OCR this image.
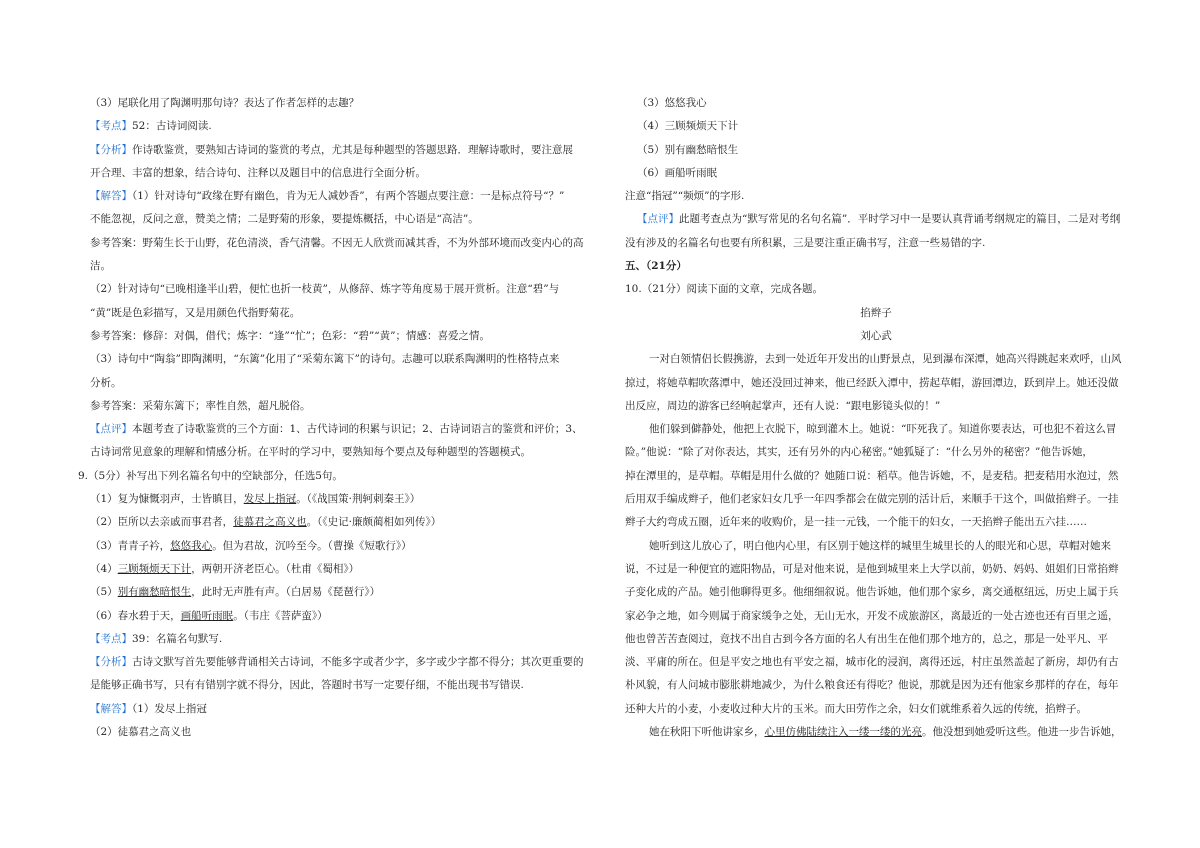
（3）尾联化用了陶渊明那句诗？表达了作者怎样的志趣？
【考点】52：古诗词阅读.
【分析】作诗歌鉴赏，要熟知古诗词的鉴赏的考点，尤其是每种题型的答题思路．理解诗歌时，要注意展
开合理、丰富的想象，结合诗句、注释以及题目中的信息进行全面分析。
【解答】（1）针对诗句“政缘在野有幽色，肯为无人减妙香”，有两个答题点要注意：一是标点符号“？”
不能忽视，反问之意，赞美之情；二是野菊的形象，要提炼概括，中心语是“高洁”。
参考答案：野菊生长于山野，花色清淡，香气清馨。不因无人欣赏而减其香，不为外部环境而改变内心的高
洁。
（2）针对诗句“已晚相逢半山碧，便忙也折一枝黄”，从修辞、炼字等角度易于展开赏析。注意“碧”与
“黄”既是色彩描写，又是用颜色代指野菊花。
参考答案：修辞：对偶，借代；炼字：“逢”“忙”；色彩：“碧”“黄”；情感：喜爱之情。
（3）诗句中“陶翁”即陶渊明，“东篱”化用了“采菊东篱下”的诗句。志趣可以联系陶渊明的性格特点来
分析。
参考答案：采菊东篱下；率性自然，超凡脱俗。
【点评】本题考查了诗歌鉴赏的三个方面：1、古代诗词的积累与识记；2、古诗词语言的鉴赏和评价；3、
古诗词常见意象的理解和情感分析。在平时的学习中，要熟知每个要点及每种题型的答题模式。
9.（5分）补写出下列名篇名句中的空缺部分，任选5句。
（1）复为慷慨羽声，士皆瞋目，发尽上指冠。（《战国策·荆轲刺秦王》）
（2）臣所以去亲戚而事君者，徒慕君之高义也。（《史记·廉颇蔺相如列传》）
（3）青青子衿，悠悠我心。但为君故，沉吟至今。（曹操《短歌行》）
（4）三顾频烦天下计，两朝开济老臣心。（杜甫《蜀相》）
（5）别有幽愁暗恨生，此时无声胜有声。（白居易《琵琶行》）
（6）春水碧于天，画船听雨眠。（韦庄《菩萨蛮》）
【考点】39：名篇名句默写.
【分析】古诗文默写首先要能够背诵相关古诗词，不能多字或者少字，多字或少字都不得分；其次更重要的
是能够正确书写，只有有错别字就不得分，因此，答题时书写一定要仔细，不能出现书写错误.
【解答】（1）发尽上指冠
（2）徒慕君之高义也
（3）悠悠我心
（4）三顾频烦天下计
（5）别有幽愁暗恨生
（6）画船听雨眠
注意“指冠”“频烦”的字形.
【点评】此题考查点为“默写常见的名句名篇”．平时学习中一是要认真背诵考纲规定的篇目，二是对考纲
没有涉及的名篇名句也要有所积累，三是要注重正确书写，注意一些易错的字.
五、（21分）
10.（21分）阅读下面的文章，完成各题。
掐辫子
刘心武
一对白领情侣长假携游，去到一处近年开发出的山野景点，见到瀑布深潭，她高兴得跳起来欢呼，山风
掠过，将她草帽吹落潭中，她还没回过神来，他已经跃入潭中，捞起草帽，游回潭边，跃到岸上。她还没做
出反应，周边的游客已经响起掌声，还有人说：“跟电影镜头似的！”
他们躲到僻静处，他把上衣脱下，晾到灌木上。她说：“吓死我了。知道你要表达，可也犯不着这么冒
险。”他说：“除了对你表达，其实，还有另外的内心秘密。”她狐疑了：“什么另外的秘密？”他告诉她，
掉在潭里的，是草帽。草帽是用什么做的？她随口说：稻草。他告诉她，不，是麦秸。把麦秸用水泡过，然
后用双手编成辫子，他们老家妇女几乎一年四季都会在做完别的活计后，来顺手干这个，叫做掐辫子。一挂
辫子大约弯成五圈，近年来的收购价，是一挂一元钱，一个能干的妇女，一天掐辫子能出五六挂……
她听到这儿放心了，明白他内心里，有区别于她这样的城里生城里长的人的眼光和心思，草帽对她来
说，不过是一种便宜的遮阳物品，可是对他来说，是他到城里来上大学以前，奶奶、妈妈、姐姐们日常掐辫
子变化成的产品。她引他聊得更多。他细细叙说。他告诉她，他们那个家乡，离交通枢纽远，历史上属于兵
家必争之地，如今则属于商家缓争之处，无山无水，开发不成旅游区，离最近的一处古迹也还有百里之遥，
他也曾苦苦查阅过，竟找不出自古到今各方面的名人有出生在他们那个地方的，总之，那是一处平凡、平
淡、平庸的所在。但是平安之地也有平安之福，城市化的浸润，离得还远，村庄虽然盖起了新房，却仍有古
朴风貌，有人问城市膨胀耕地减少，为什么粮食还有得吃？他说，那就是因为还有他家乡那样的存在，每年
还种大片的小麦，小麦收过种大片的玉米。而大田劳作之余，妇女们就维系着久远的传统，掐辫子。
她在秋阳下听他讲家乡，心里仿佛陆续注入一缕一缕的光亮。他没想到她爱听这些。他进一步告诉她，
